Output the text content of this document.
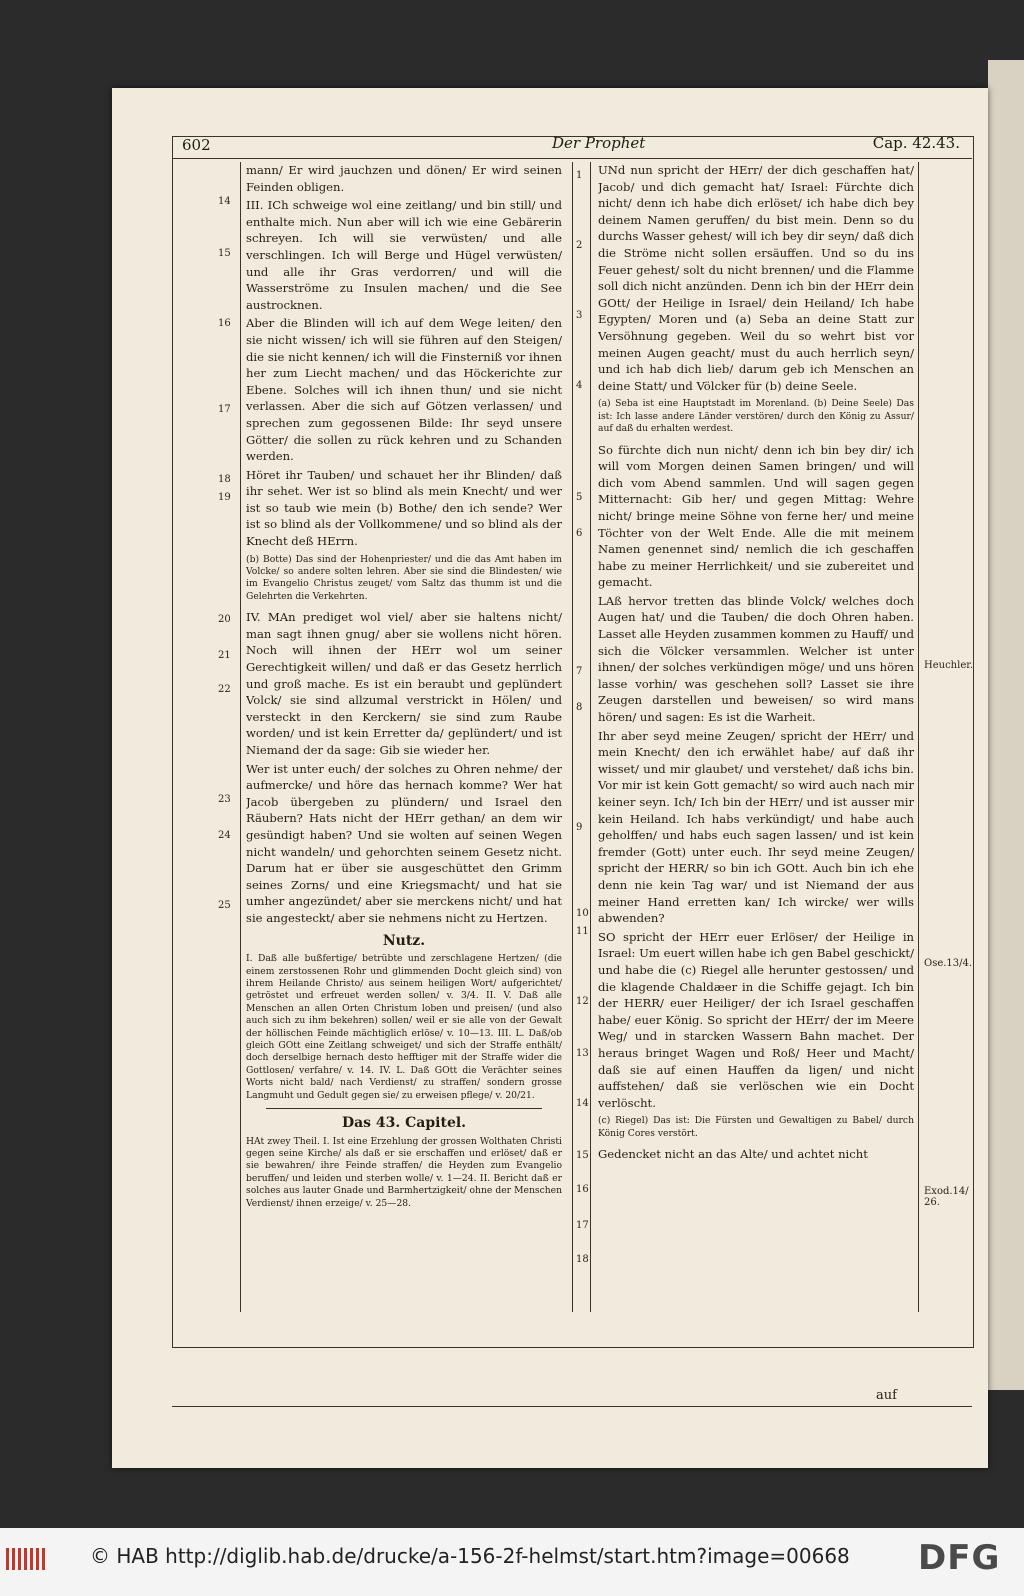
602	Der Prophet	Cap. 42.43.
14
15
16
17
18
19
20
21
22
23
24
25
1
2
3
4
5
6
7
8
9
10
11
12
13
14
15
16
17
18

mann/ Er wird jauchzen und dönen/ Er wird seinen Feinden obligen.

III. ICh schweige wol eine zeitlang/ und bin still/ und enthalte mich. Nun aber will ich wie eine Gebärerin schreyen. Ich will sie verwüsten/ und alle verschlingen. Ich will Berge und Hügel verwüsten/ und alle ihr Gras verdorren/ und will die Wasserströme zu Insulen machen/ und die See austrocknen.

Aber die Blinden will ich auf dem Wege leiten/ den sie nicht wissen/ ich will sie führen auf den Steigen/ die sie nicht kennen/ ich will die Finsterniß vor ihnen her zum Liecht machen/ und das Höckerichte zur Ebene. Solches will ich ihnen thun/ und sie nicht verlassen. Aber die sich auf Götzen verlassen/ und sprechen zum gegossenen Bilde: Ihr seyd unsere Götter/ die sollen zu rück kehren und zu Schanden werden.

Höret ihr Tauben/ und schauet her ihr Blinden/ daß ihr sehet. Wer ist so blind als mein Knecht/ und wer ist so taub wie mein (b) Bothe/ den ich sende? Wer ist so blind als der Vollkommene/ und so blind als der Knecht deß HErrn.

(b) Botte) Das sind der Hohenpriester/ und die das Amt haben im Volcke/ so andere solten lehren. Aber sie sind die Blindesten/ wie im Evangelio Christus zeuget/ vom Saltz das thumm ist und die Gelehrten die Verkehrten.

IV. MAn prediget wol viel/ aber sie haltens nicht/ man sagt ihnen gnug/ aber sie wollens nicht hören. Noch will ihnen der HErr wol um seiner Gerechtigkeit willen/ und daß er das Gesetz herrlich und groß mache. Es ist ein beraubt und geplündert Volck/ sie sind allzumal verstrickt in Hölen/ und versteckt in den Kerckern/ sie sind zum Raube worden/ und ist kein Erretter da/ geplündert/ und ist Niemand der da sage: Gib sie wieder her.

Wer ist unter euch/ der solches zu Ohren nehme/ der aufmercke/ und höre das hernach komme? Wer hat Jacob übergeben zu plündern/ und Israel den Räubern? Hats nicht der HErr gethan/ an dem wir gesündigt haben? Und sie wolten auf seinen Wegen nicht wandeln/ und gehorchten seinem Gesetz nicht. Darum hat er über sie ausgeschüttet den Grimm seines Zorns/ und eine Kriegsmacht/ und hat sie umher angezündet/ aber sie merckens nicht/ und hat sie angesteckt/ aber sie nehmens nicht zu Hertzen.

Nutz.

I. Daß alle bußfertige/ betrübte und zerschlagene Hertzen/ (die einem zerstossenen Rohr und glimmenden Docht gleich sind) von ihrem Heilande Christo/ aus seinem heiligen Wort/ aufgerichtet/ getröstet und erfreuet werden sollen/ v. 3/4. II. V. Daß alle Menschen an allen Orten Christum loben und preisen/ (und also auch sich zu ihm bekehren) sollen/ weil er sie alle von der Gewalt der höllischen Feinde mächtiglich erlöse/ v. 10—13. III. L. Daß/ob gleich GOtt eine Zeitlang schweiget/ und sich der Straffe enthält/ doch derselbige hernach desto hefftiger mit der Straffe wider die Gottlosen/ verfahre/ v. 14. IV. L. Daß GOtt die Verächter seines Worts nicht bald/ nach Verdienst/ zu straffen/ sondern grosse Langmuht und Gedult gegen sie/ zu erweisen pflege/ v. 20/21.

Das 43. Capitel.

HAt zwey Theil. I. Ist eine Erzehlung der grossen Wolthaten Christi gegen seine Kirche/ als daß er sie erschaffen und erlöset/ daß er sie bewahren/ ihre Feinde straffen/ die Heyden zum Evangelio beruffen/ und leiden und sterben wolle/ v. 1—24. II. Bericht daß er solches aus lauter Gnade und Barmhertzigkeit/ ohne der Menschen Verdienst/ ihnen erzeige/ v. 25—28.

UNd nun spricht der HErr/ der dich geschaffen hat/ Jacob/ und dich gemacht hat/ Israel: Fürchte dich nicht/ denn ich habe dich erlöset/ ich habe dich bey deinem Namen geruffen/ du bist mein. Denn so du durchs Wasser gehest/ will ich bey dir seyn/ daß dich die Ströme nicht sollen ersäuffen. Und so du ins Feuer gehest/ solt du nicht brennen/ und die Flamme soll dich nicht anzünden. Denn ich bin der HErr dein GOtt/ der Heilige in Israel/ dein Heiland/ Ich habe Egypten/ Moren und (a) Seba an deine Statt zur Versöhnung gegeben. Weil du so wehrt bist vor meinen Augen geacht/ must du auch herrlich seyn/ und ich hab dich lieb/ darum geb ich Menschen an deine Statt/ und Völcker für (b) deine Seele.

(a) Seba ist eine Hauptstadt im Morenland. (b) Deine Seele) Das ist: Ich lasse andere Länder verstören/ durch den König zu Assur/ auf daß du erhalten werdest.

So fürchte dich nun nicht/ denn ich bin bey dir/ ich will vom Morgen deinen Samen bringen/ und will dich vom Abend sammlen. Und will sagen gegen Mitternacht: Gib her/ und gegen Mittag: Wehre nicht/ bringe meine Söhne von ferne her/ und meine Töchter von der Welt Ende. Alle die mit meinem Namen genennet sind/ nemlich die ich geschaffen habe zu meiner Herrlichkeit/ und sie zubereitet und gemacht.

LAß hervor tretten das blinde Volck/ welches doch Augen hat/ und die Tauben/ die doch Ohren haben. Lasset alle Heyden zusammen kommen zu Hauff/ und sich die Völcker versammlen. Welcher ist unter ihnen/ der solches verkündigen möge/ und uns hören lasse vorhin/ was geschehen soll? Lasset sie ihre Zeugen darstellen und beweisen/ so wird mans hören/ und sagen: Es ist die Warheit.

Ihr aber seyd meine Zeugen/ spricht der HErr/ und mein Knecht/ den ich erwählet habe/ auf daß ihr wisset/ und mir glaubet/ und verstehet/ daß ichs bin. Vor mir ist kein Gott gemacht/ so wird auch nach mir keiner seyn. Ich/ Ich bin der HErr/ und ist ausser mir kein Heiland. Ich habs verkündigt/ und habe auch geholffen/ und habs euch sagen lassen/ und ist kein fremder (Gott) unter euch. Ihr seyd meine Zeugen/ spricht der HERR/ so bin ich GOtt. Auch bin ich ehe denn nie kein Tag war/ und ist Niemand der aus meiner Hand erretten kan/ Ich wircke/ wer wills abwenden?

SO spricht der HErr euer Erlöser/ der Heilige in Israel: Um euert willen habe ich gen Babel geschickt/ und habe die (c) Riegel alle herunter gestossen/ und die klagende Chaldæer in die Schiffe gejagt. Ich bin der HERR/ euer Heiliger/ der ich Israel geschaffen habe/ euer König. So spricht der HErr/ der im Meere Weg/ und in starcken Wassern Bahn machet. Der heraus bringet Wagen und Roß/ Heer und Macht/ daß sie auf einen Hauffen da ligen/ und nicht auffstehen/ daß sie verlöschen wie ein Docht verlöscht.

(c) Riegel) Das ist: Die Fürsten und Gewaltigen zu Babel/ durch König Cores verstört.

Gedencket nicht an das Alte/ und achtet nicht

Heuchler.
Ose.13/4.
Exod.14/ 26.
auf
© HAB http://diglib.hab.de/drucke/a-156-2f-helmst/start.htm?image=00668 DFG
